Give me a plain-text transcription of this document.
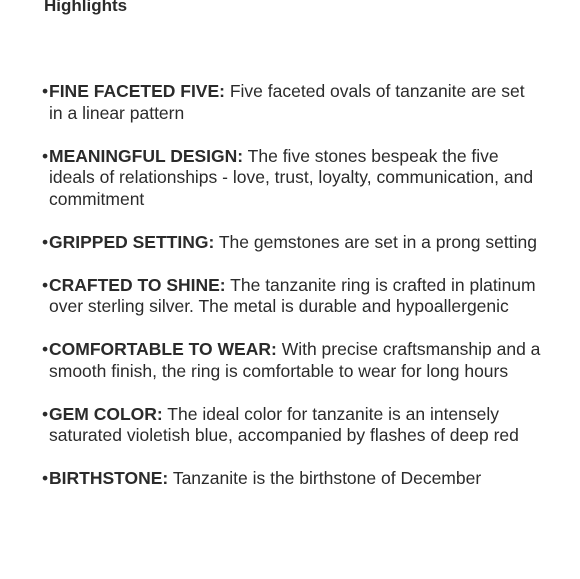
Highlights
• FINE FACETED FIVE: Five faceted ovals of tanzanite are set in a linear pattern
• MEANINGFUL DESIGN: The five stones bespeak the five ideals of relationships - love, trust, loyalty, communication, and commitment
• GRIPPED SETTING: The gemstones are set in a prong setting
• CRAFTED TO SHINE: The tanzanite ring is crafted in platinum over sterling silver. The metal is durable and hypoallergenic
• COMFORTABLE TO WEAR: With precise craftsmanship and a smooth finish, the ring is comfortable to wear for long hours
• GEM COLOR: The ideal color for tanzanite is an intensely saturated violetish blue, accompanied by flashes of deep red
• BIRTHSTONE: Tanzanite is the birthstone of December
